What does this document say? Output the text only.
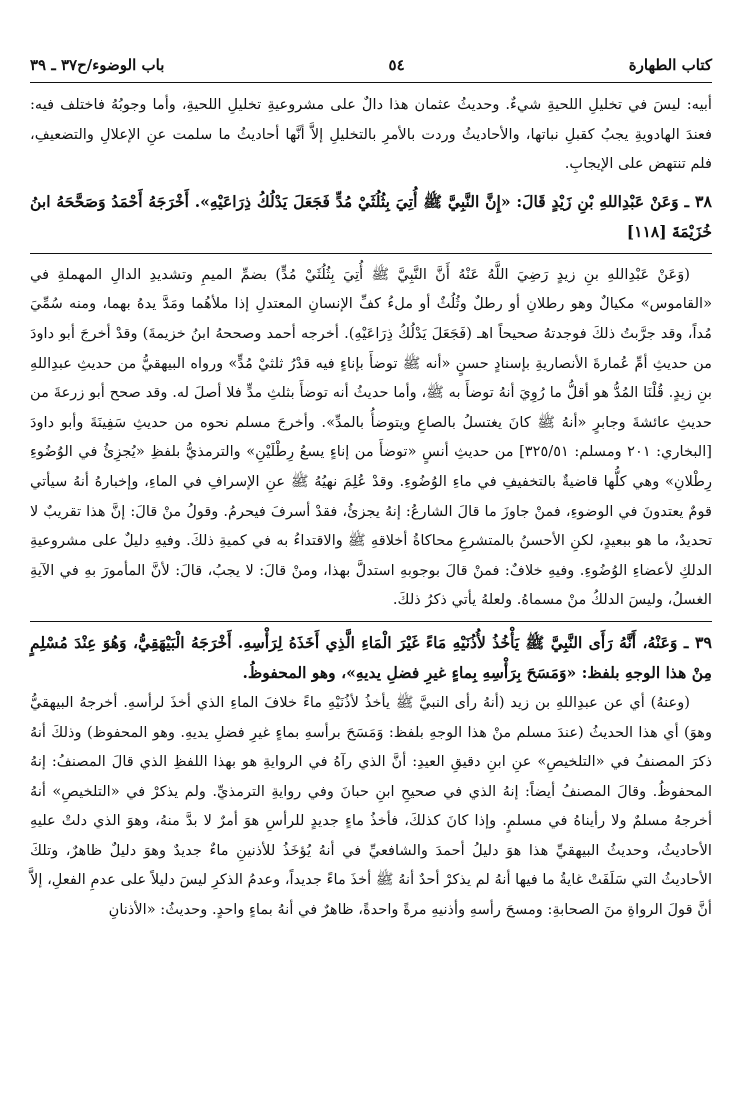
كتاب الطهارة
٥٤
باب الوضوء/ح٣٧ ـ ٣٩

أبيه: ليسَ في تخليلِ اللحيةِ شيءٌ. وحديثُ عثمان هذا دالٌ على مشروعيةِ تخليلِ اللحيةِ، وأما وجوبُهُ فاختلف فيه: فعندَ الهادويةِ يجبُ كقبلِ نباتها، والأحاديثُ وردت بالأمرِ بالتخليلِ إلاَّ أنَّها أحاديثُ ما سلمت عنِ الإعلالِ والتضعيفِ، فلم تنتهض على الإيجابِ.

٣٨ ـ وَعَنْ عَبْدِاللهِ بْنِ زَيْدٍ قَالَ: «إِنَّ النَّبِيَّ ﷺ أُتِيَ بِثُلُثَيْ مُدٍّ فَجَعَلَ يَدْلُكُ ذِرَاعَيْهِ». أَخْرَجَهُ أَحْمَدُ وَصَحَّحَهُ ابنُ خُزَيْمَةَ [١١٨]

(وَعَنْ عَبْدِاللهِ بنِ زيدٍ رَضِيَ اللَّهُ عَنْهُ أَنَّ النَّبِيَّ ﷺ أُتِيَ بِثُلُثَيْ مُدٍّ) بضمِّ الميمِ وتشديدِ الدالِ المهملةِ في «القاموس» مكيالٌ وهو رطلانِ أو رطلٌ وثُلُثٌ أو ملءُ كفِّ الإنسانِ المعتدلِ إذا ملأهُما ومَدَّ يدهُ بهما، ومنه سُمِّيَ مُداً، وقد جرَّبتُ ذلكَ فوجدتهُ صحيحاً اهـ (فَجَعَلَ يَدْلُكُ ذِرَاعَيْهِ). أخرجه أحمد وصححهُ ابنُ خزيمةَ) وقدْ أخرجَ أبو داودَ من حديثِ أمِّ عُمارةَ الأنصاريةِ بإسنادٍ حسنٍ «أنه ﷺ توضأَ بإناءٍ فيه قدْرُ ثلثيْ مُدٍّ» ورواه البيهقيُّ من حديثِ عبدِاللهِ بنِ زيدٍ. قُلْنَا المُدُّ هو أقلُّ ما رُوِيَ أنهُ توضأَ به ﷺ، وأما حديثُ أنه توضأَ بثلثِ مدٍّ فلا أصلَ له. وقد صحح أبو زرعةَ من حديثِ عائشةَ وجابرٍ «أنهُ ﷺ كانَ يغتسلُ بالصاعِ ويتوضأُ بالمدِّ». وأخرجَ مسلم نحوه من حديثِ سَفِينَةَ وأبو داودَ [البخاري: ٢٠١ ومسلم: ٣٢٥/٥١] من حديثِ أنسٍ «توضأَ من إناءٍ يسعُ رِطْلَيْنِ» والترمذيُّ بلفظِ «يُجزِئُ في الوُضُوءِ رِطْلانِ» وهي كلُّها قاضيةٌ بالتخفيفِ في ماءِ الوُضُوءِ. وقدْ عُلِمَ نهيُهُ ﷺ عنِ الإسرافِ في الماءِ، وإخبارهُ أنهُ سيأتي قومٌ يعتدونَ في الوضوءِ، فمنْ جاوزَ ما قالَ الشارعُ: إنهُ يجزئُ، فقدْ أسرفَ فيحرمُ. وقولُ منْ قالَ: إنَّ هذا تقريبٌ لا تحديدٌ، ما هو ببعيدٍ، لكنِ الأحسنُ بالمتشرعِ محاكاةُ أخلاقهِ ﷺ والاقتداءُ به في كميةِ ذلكَ. وفيهِ دليلٌ على مشروعيةِ الدلكِ لأعضاءِ الوُضُوءِ. وفيهِ خلافٌ: فمنْ قالَ بوجوبهِ استدلَّ بهذا، ومنْ قالَ: لا يجبُ، قالَ: لأنَّ المأمورَ بهِ في الآيةِ الغسلُ، وليسَ الدلكُ منْ مسماهُ. ولعلهُ يأتي ذكرُ ذلكَ.

٣٩ ـ وَعَنْهُ، أَنَّهُ رَأَى النَّبِيَّ ﷺ يَأْخُذُ لأُذُنَيْهِ مَاءً غَيْرَ الْمَاءِ الَّذِي أَخَذَهُ لِرَأْسِهِ. أَخْرَجَهُ الْبَيْهَقِيُّ، وَهُوَ عِنْدَ مُسْلِمٍ مِنْ هذا الوجهِ بلفظ: «وَمَسَحَ بِرَأْسِهِ بِماءٍ غيرِ فضلِ يديهِ»، وهو المحفوظُ.

(وعنهُ) أي عن عبدِاللهِ بن زيد (أنهُ رأى النبيَّ ﷺ يأخذُ لأذُنَيْهِ ماءً خلافَ الماءِ الذي أخذَ لرأسهِ. أخرجهُ البيهقيُّ وهوَ) أي هذا الحديثُ (عندَ مسلم منْ هذا الوجهِ بلفظ: وَمَسَحَ برأسهِ بماءٍ غيرِ فضلِ يديهِ. وهو المحفوظ) وذلكَ أنهُ ذكرَ المصنفُ في «التلخيصِ» عنِ ابنِ دقيقِ العيدِ: أنَّ الذي رآهُ في الروايةِ هو بهذا اللفظِ الذي قالَ المصنفُ: إنهُ المحفوظُ. وقالَ المصنفُ أيضاً: إنهُ الذي في صحيحِ ابنِ حبانَ وفي روايةِ الترمذيِّ. ولم يذكرْ في «التلخيصِ» أنهُ أخرجهُ مسلمٌ ولا رأيناهُ في مسلمٍ. وإذا كانَ كذلكَ، فأخذُ ماءٍ جديدٍ للرأسِ هوَ أمرٌ لا بدَّ منهُ، وهوَ الذي دلتْ عليهِ الأحاديثُ، وحديثُ البيهقيِّ هذا هوَ دليلُ أحمدَ والشافعيِّ في أنهُ يُؤخَذُ للأذنينِ ماءٌ جديدٌ وهوَ دليلٌ ظاهرٌ، وتلكَ الأحاديثُ التي سَلَفَتْ غايةُ ما فيها أنهُ لم يذكرْ أحدٌ أنهُ ﷺ أخذَ ماءً جديداً، وعدمُ الذكرِ ليسَ دليلاً على عدمِ الفعلِ، إلاَّ أنَّ قولَ الرواةِ منَ الصحابةِ: ومسحَ رأسهِ وأذنيهِ مرةً واحدةً، ظاهرٌ في أنهُ بماءٍ واحدٍ. وحديثُ: «الأذنانِ
